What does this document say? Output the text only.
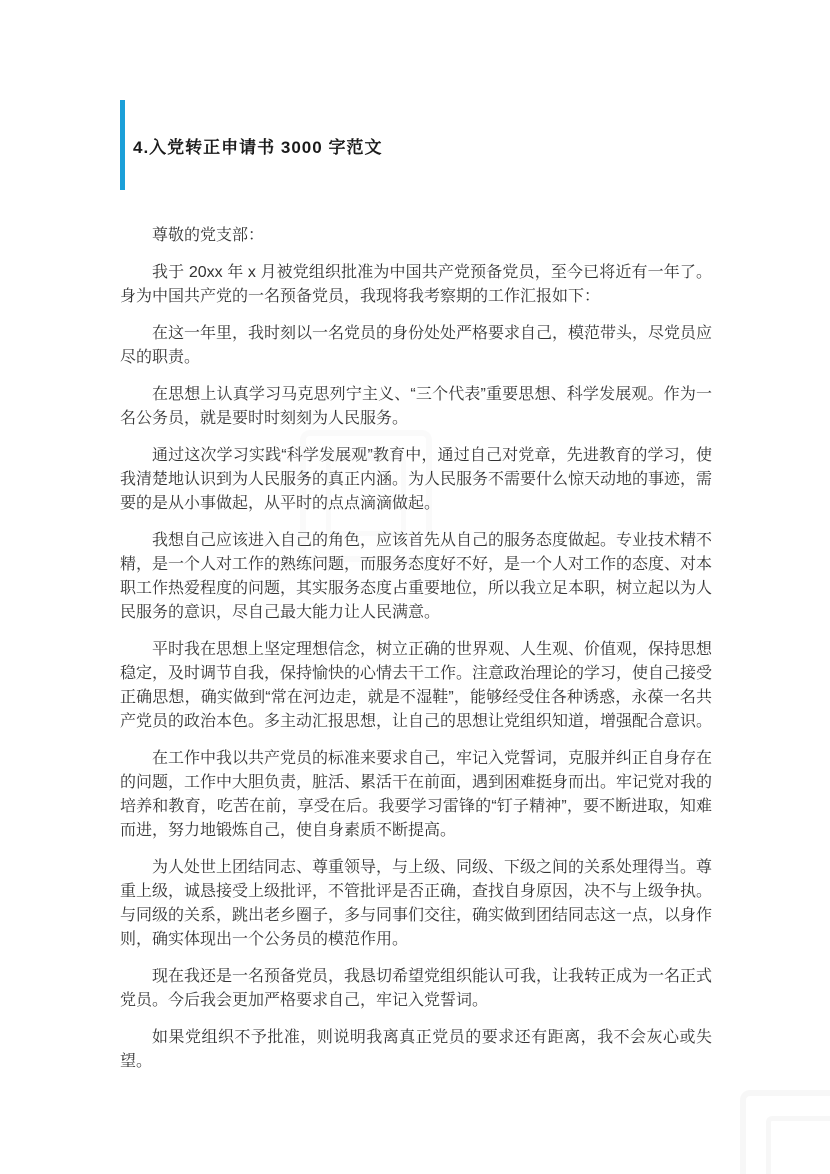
4.入党转正申请书 3000 字范文

尊敬的党支部：

我于 20xx 年 x 月被党组织批准为中国共产党预备党员，至今已将近有一年了。身为中国共产党的一名预备党员，我现将我考察期的工作汇报如下：

在这一年里，我时刻以一名党员的身份处处严格要求自己，模范带头，尽党员应尽的职责。

在思想上认真学习马克思列宁主义、“三个代表”重要思想、科学发展观。作为一名公务员，就是要时时刻刻为人民服务。

通过这次学习实践“科学发展观”教育中，通过自己对党章，先进教育的学习，使我清楚地认识到为人民服务的真正内涵。为人民服务不需要什么惊天动地的事迹，需要的是从小事做起，从平时的点点滴滴做起。

我想自己应该进入自己的角色，应该首先从自己的服务态度做起。专业技术精不精，是一个人对工作的熟练问题，而服务态度好不好，是一个人对工作的态度、对本职工作热爱程度的问题，其实服务态度占重要地位，所以我立足本职，树立起以为人民服务的意识，尽自己最大能力让人民满意。

平时我在思想上坚定理想信念，树立正确的世界观、人生观、价值观，保持思想稳定，及时调节自我，保持愉快的心情去干工作。注意政治理论的学习，使自己接受正确思想，确实做到“常在河边走，就是不湿鞋”，能够经受住各种诱惑，永葆一名共产党员的政治本色。多主动汇报思想，让自己的思想让党组织知道，增强配合意识。

在工作中我以共产党员的标准来要求自己，牢记入党誓词，克服并纠正自身存在的问题，工作中大胆负责，脏活、累活干在前面，遇到困难挺身而出。牢记党对我的培养和教育，吃苦在前，享受在后。我要学习雷锋的“钉子精神”，要不断进取，知难而进，努力地锻炼自己，使自身素质不断提高。

为人处世上团结同志、尊重领导，与上级、同级、下级之间的关系处理得当。尊重上级，诚恳接受上级批评，不管批评是否正确，查找自身原因，决不与上级争执。与同级的关系，跳出老乡圈子，多与同事们交往，确实做到团结同志这一点，以身作则，确实体现出一个公务员的模范作用。

现在我还是一名预备党员，我恳切希望党组织能认可我，让我转正成为一名正式党员。今后我会更加严格要求自己，牢记入党誓词。

如果党组织不予批准，则说明我离真正党员的要求还有距离，我不会灰心或失望。
